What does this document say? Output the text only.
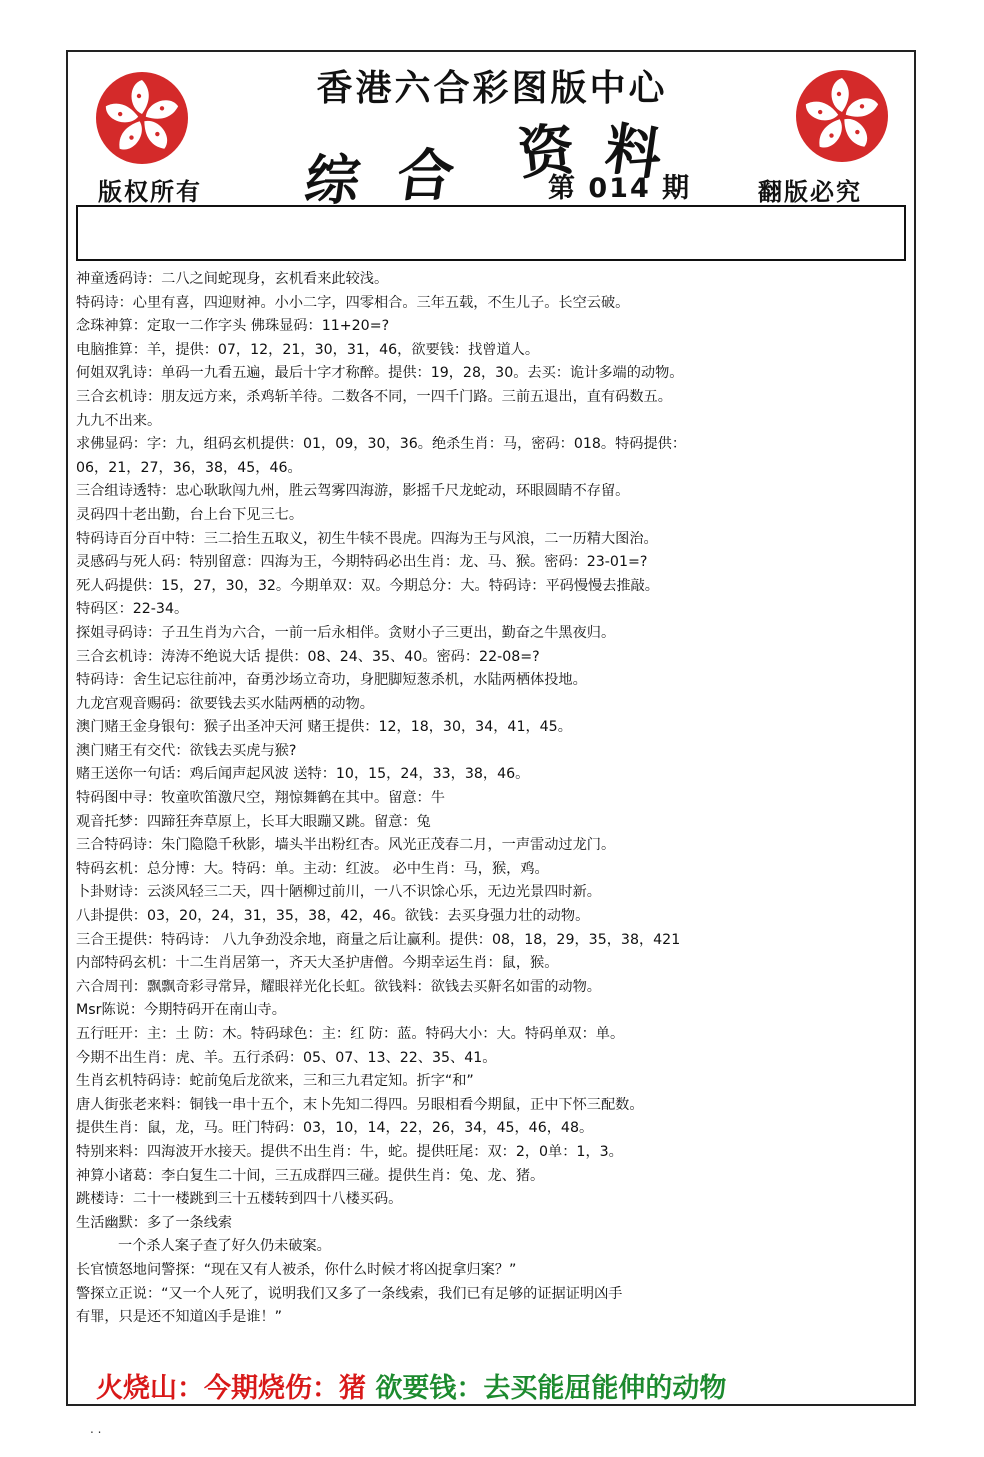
香港六合彩图版中心
综 合 资 料
版权所有	第 014 期	翻版必究
神童透码诗：二八之间蛇现身，玄机看来此较浅。
特码诗：心里有喜，四迎财神。小小二字，四零相合。三年五载，不生儿子。长空云破。
念珠神算：定取一二作字头 佛珠显码：11+20=?
电脑推算：羊，提供：07，12，21，30，31，46，欲要钱：找曾道人。
何姐双乳诗：单码一九看五遍，最后十字才称醉。提供：19，28，30。去买：诡计多端的动物。
三合玄机诗：朋友远方来，杀鸡斩羊待。二数各不同，一四千门路。三前五退出，直有码数五。
九九不出来。
求佛显码：字：九，组码玄机提供：01，09，30，36。绝杀生肖：马，密码：018。特码提供：
06，21，27，36，38，45，46。
三合组诗透特：忠心耿耿闯九州，胜云驾雾四海游，影摇千尺龙蛇动，环眼圆睛不存留。
灵码四十老出勤，台上台下见三七。
特码诗百分百中特：三二拾生五取义，初生牛犊不畏虎。四海为王与风浪，二一历精大图治。
灵感码与死人码：特别留意：四海为王，今期特码必出生肖：龙、马、猴。密码：23-01=?
死人码提供：15，27，30，32。今期单双：双。今期总分：大。特码诗：平码慢慢去推敲。
特码区：22-34。
探姐寻码诗：子丑生肖为六合，一前一后永相伴。贪财小子三更出，勤奋之牛黑夜归。
三合玄机诗：涛涛不绝说大话 提供：08、24、35、40。密码：22-08=?
特码诗：舍生记忘往前冲，奋勇沙场立奇功，身肥脚短葱杀机，水陆两栖体投地。
九龙宫观音赐码：欲要钱去买水陆两栖的动物。
澳门赌王金身银句：猴子出圣冲天河 赌王提供：12，18，30，34，41，45。
澳门赌王有交代：欲钱去买虎与猴?
赌王送你一句话：鸡后闻声起风波 送特：10，15，24，33，38，46。
特码图中寻：牧童吹笛激尺空，翔惊舞鹤在其中。留意：牛
观音托梦：四蹄狂奔草原上，长耳大眼蹦又跳。留意：兔
三合特码诗：朱门隐隐千秋影，墙头半出粉红杏。风光正茂春二月，一声雷动过龙门。
特码玄机：总分博：大。特码：单。主动：红波。 必中生肖：马，猴，鸡。
卜卦财诗：云淡风轻三二天，四十陋柳过前川，一八不识馀心乐，无边光景四时新。
八卦提供：03，20，24，31，35，38，42，46。欲钱：去买身强力壮的动物。
三合王提供：特码诗： 八九争劲没余地，商量之后让赢利。提供：08，18，29，35，38，421
内部特码玄机：十二生肖居第一，齐天大圣护唐僧。今期幸运生肖：鼠，猴。
六合周刊：飘飘奇彩寻常异，耀眼祥光化长虹。欲钱料：欲钱去买鼾名如雷的动物。
Msr陈说：今期特码开在南山寺。
五行旺开：主：土 防：木。特码球色：主：红 防：蓝。特码大小：大。特码单双：单。
今期不出生肖：虎、羊。五行杀码：05、07、13、22、35、41。
生肖玄机特码诗：蛇前兔后龙欲来，三和三九君定知。折字“和”
唐人街张老来料：铜钱一串十五个，末卜先知二得四。另眼相看今期鼠，正中下怀三配数。
提供生肖：鼠，龙，马。旺门特码：03，10，14，22，26，34，45，46，48。
特别来料：四海波开水接天。提供不出生肖：牛，蛇。提供旺尾：双：2，0单：1，3。
神算小诸葛：李白复生二十间，三五成群四三碰。提供生肖：兔、龙、猪。
跳楼诗：二十一楼跳到三十五楼转到四十八楼买码。
生活幽默：多了一条线索
一个杀人案子查了好久仍未破案。
长官愤怒地问警探：“现在又有人被杀，你什么时候才将凶捉拿归案？”
警探立正说：“又一个人死了，说明我们又多了一条线索，我们已有足够的证据证明凶手
有罪，只是还不知道凶手是谁！”
火烧山：今期烧伤：猪 欲要钱：去买能屈能伸的动物
. .
